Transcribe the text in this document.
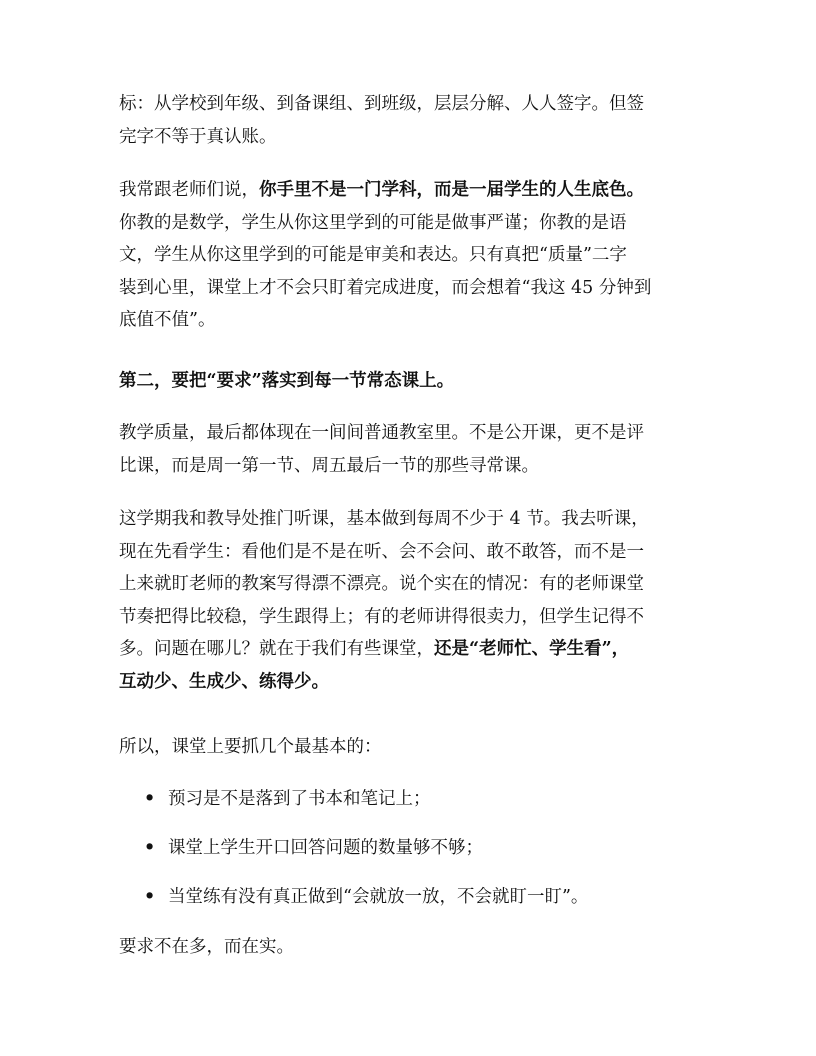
标：从学校到年级、到备课组、到班级，层层分解、人人签字。但签
完字不等于真认账。
我常跟老师们说，你手里不是一门学科，而是一届学生的人生底色。
你教的是数学，学生从你这里学到的可能是做事严谨；你教的是语
文，学生从你这里学到的可能是审美和表达。只有真把“质量”二字
装到心里，课堂上才不会只盯着完成进度，而会想着“我这 45 分钟到
底值不值”。
第二，要把“要求”落实到每一节常态课上。
教学质量，最后都体现在一间间普通教室里。不是公开课，更不是评
比课，而是周一第一节、周五最后一节的那些寻常课。
这学期我和教导处推门听课，基本做到每周不少于 4 节。我去听课，
现在先看学生：看他们是不是在听、会不会问、敢不敢答，而不是一
上来就盯老师的教案写得漂不漂亮。说个实在的情况：有的老师课堂
节奏把得比较稳，学生跟得上；有的老师讲得很卖力，但学生记得不
多。问题在哪儿？就在于我们有些课堂，还是“老师忙、学生看”，
互动少、生成少、练得少。
所以，课堂上要抓几个最基本的：
• 预习是不是落到了书本和笔记上；
• 课堂上学生开口回答问题的数量够不够；
• 当堂练有没有真正做到“会就放一放，不会就盯一盯”。
要求不在多，而在实。
